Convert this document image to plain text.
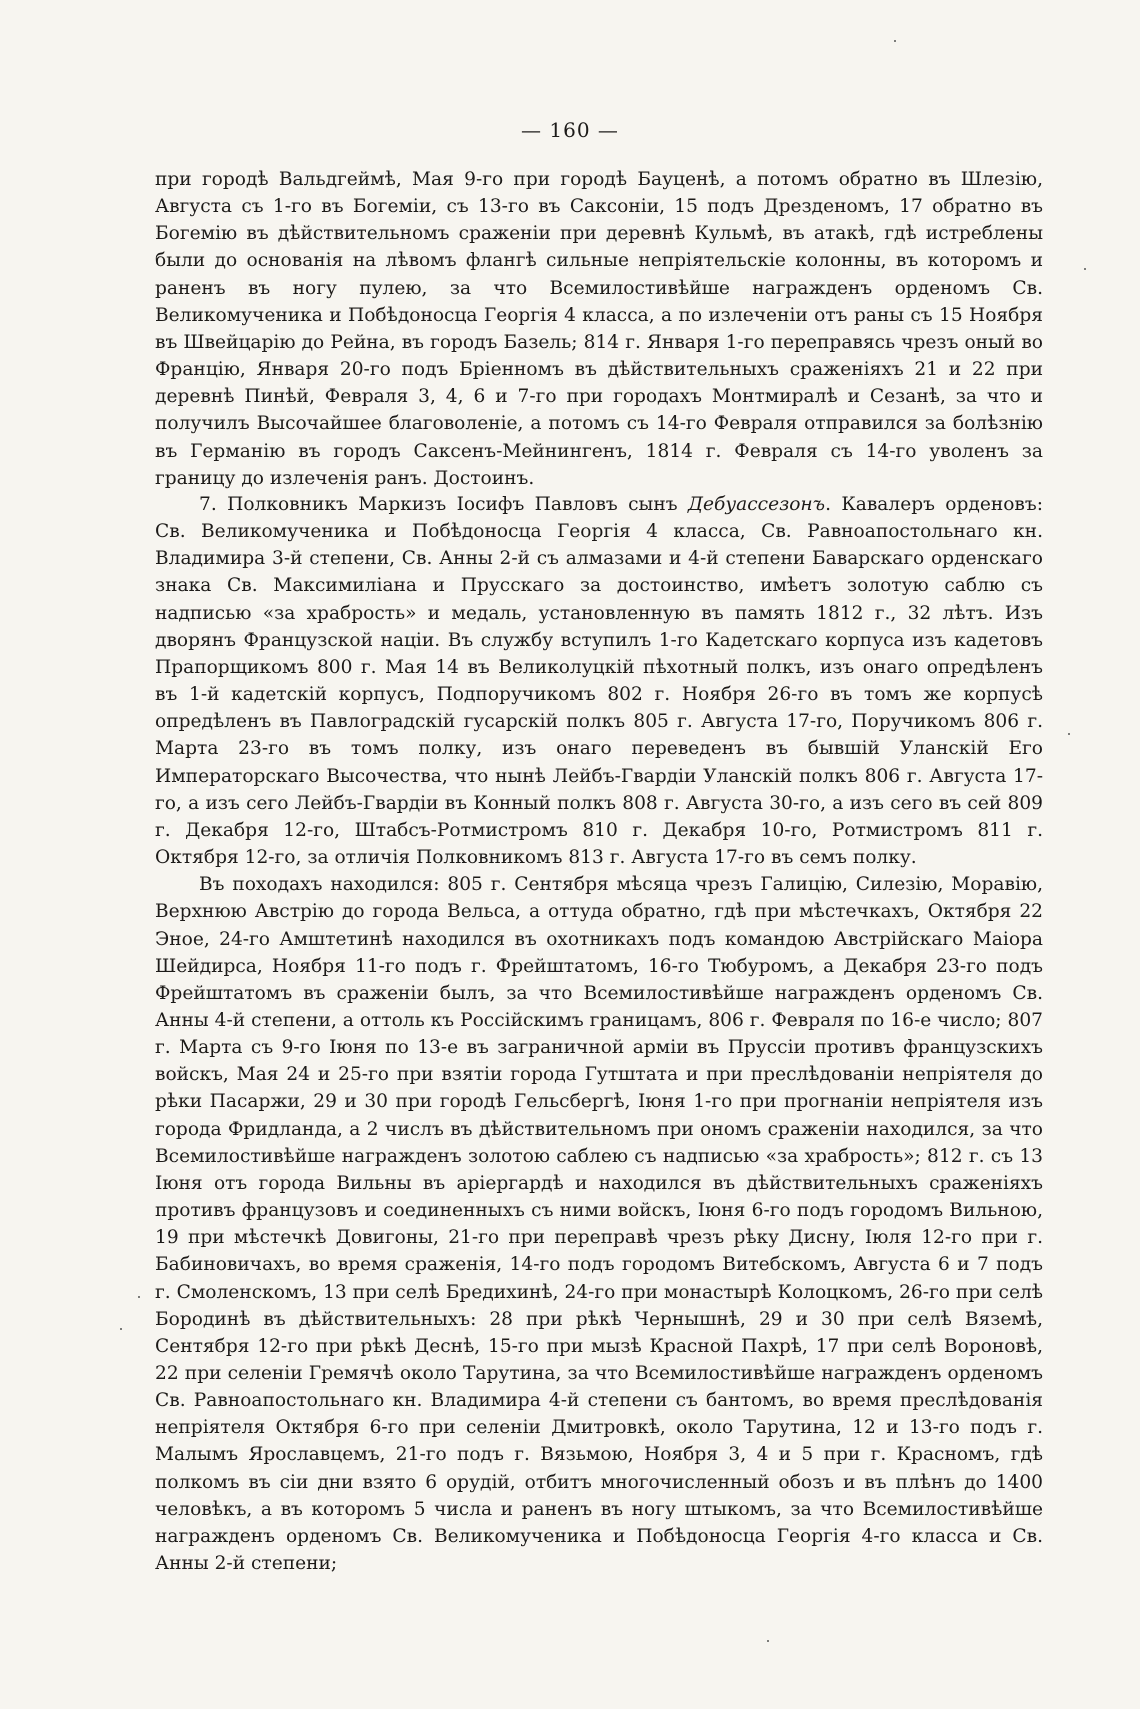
— 160 —

при городѣ Вальдгеймѣ, Мая 9-го при городѣ Бауценѣ, а потомъ обратно въ Шлезію, Августа съ 1-го въ Богеміи, съ 13-го въ Саксоніи, 15 подъ Дрезденомъ, 17 обратно въ Богемію въ дѣйствительномъ сраженіи при деревнѣ Кульмѣ, въ атакѣ, гдѣ истреблены были до основанія на лѣвомъ флангѣ сильные непріятельскіе колонны, въ которомъ и раненъ въ ногу пулею, за что Всемилостивѣйше награжденъ орденомъ Св. Великомученика и Побѣдоносца Георгія 4 класса, а по излеченіи отъ раны съ 15 Ноября въ Швейцарію до Рейна, въ городъ Базель; 814 г. Января 1-го переправясь чрезъ оный во Францію, Января 20-го подъ Бріенномъ въ дѣйствительныхъ сраженіяхъ 21 и 22 при деревнѣ Пинѣй, Февраля 3, 4, 6 и 7-го при городахъ Монтмиралѣ и Сезанѣ, за что и получилъ Высочайшее благоволеніе, а потомъ съ 14-го Февраля отправился за болѣзнію въ Германію въ городъ Саксенъ-Мейнингенъ, 1814 г. Февраля съ 14-го уволенъ за границу до излеченія ранъ. Достоинъ.

7. Полковникъ Маркизъ Іосифъ Павловъ сынъ Дебуассезонъ. Кавалеръ орденовъ: Св. Великомученика и Побѣдоносца Георгія 4 класса, Св. Равноапостольнаго кн. Владимира 3-й степени, Св. Анны 2-й съ алмазами и 4-й степени Баварскаго орденскаго знака Св. Максимиліана и Прусскаго за достоинство, имѣетъ золотую саблю съ надписью «за храбрость» и медаль, установленную въ память 1812 г., 32 лѣтъ. Изъ дворянъ Французской націи. Въ службу вступилъ 1-го Кадетскаго корпуса изъ кадетовъ Прапорщикомъ 800 г. Мая 14 въ Великолуцкій пѣхотный полкъ, изъ онаго опредѣленъ въ 1-й кадетскій корпусъ, Подпоручикомъ 802 г. Ноября 26-го въ томъ же корпусѣ опредѣленъ въ Павлоградскій гусарскій полкъ 805 г. Августа 17-го, Поручикомъ 806 г. Марта 23-го въ томъ полку, изъ онаго переведенъ въ бывшій Уланскій Его Императорскаго Высочества, что нынѣ Лейбъ-Гвардіи Уланскій полкъ 806 г. Августа 17-го, а изъ сего Лейбъ-Гвардіи въ Конный полкъ 808 г. Августа 30-го, а изъ сего въ сей 809 г. Декабря 12-го, Штабсъ-Ротмистромъ 810 г. Декабря 10-го, Ротмистромъ 811 г. Октября 12-го, за отличія Полковникомъ 813 г. Августа 17-го въ семъ полку.

Въ походахъ находился: 805 г. Сентября мѣсяца чрезъ Галицію, Силезію, Моравію, Верхнюю Австрію до города Вельса, а оттуда обратно, гдѣ при мѣстечкахъ, Октября 22 Эное, 24-го Амштетинѣ находился въ охотникахъ подъ командою Австрійскаго Маіора Шейдирса, Ноября 11-го подъ г. Фрейштатомъ, 16-го Тюбуромъ, а Декабря 23-го подъ Фрейштатомъ въ сраженіи былъ, за что Всемилостивѣйше награжденъ орденомъ Св. Анны 4-й степени, а оттоль къ Россійскимъ границамъ, 806 г. Февраля по 16-е число; 807 г. Марта съ 9-го Іюня по 13-е въ заграничной арміи въ Пруссіи противъ французскихъ войскъ, Мая 24 и 25-го при взятіи города Гутштата и при преслѣдованіи непріятеля до рѣки Пасаржи, 29 и 30 при городѣ Гельсбергѣ, Іюня 1-го при прогнаніи непріятеля изъ города Фридланда, а 2 числъ въ дѣйствительномъ при ономъ сраженіи находился, за что Всемилостивѣйше награжденъ золотою саблею съ надписью «за храбрость»; 812 г. съ 13 Іюня отъ города Вильны въ аріергардѣ и находился въ дѣйствительныхъ сраженіяхъ противъ французовъ и соединенныхъ съ ними войскъ, Іюня 6-го подъ городомъ Вильною, 19 при мѣстечкѣ Довигоны, 21-го при переправѣ чрезъ рѣку Дисну, Іюля 12-го при г. Бабиновичахъ, во время сраженія, 14-го подъ городомъ Витебскомъ, Августа 6 и 7 подъ г. Смоленскомъ, 13 при селѣ Бредихинѣ, 24-го при монастырѣ Колоцкомъ, 26-го при селѣ Бородинѣ въ дѣйствительныхъ: 28 при рѣкѣ Чернышнѣ, 29 и 30 при селѣ Вяземѣ, Сентября 12-го при рѣкѣ Деснѣ, 15-го при мызѣ Красной Пахрѣ, 17 при селѣ Вороновѣ, 22 при селеніи Гремячѣ около Тарутина, за что Всемилостивѣйше награжденъ орденомъ Св. Равноапостольнаго кн. Владимира 4-й степени съ бантомъ, во время преслѣдованія непріятеля Октября 6-го при селеніи Дмитровкѣ, около Тарутина, 12 и 13-го подъ г. Малымъ Ярославцемъ, 21-го подъ г. Вязьмою, Ноября 3, 4 и 5 при г. Красномъ, гдѣ полкомъ въ сіи дни взято 6 орудій, отбитъ многочисленный обозъ и въ плѣнъ до 1400 человѣкъ, а въ которомъ 5 числа и раненъ въ ногу штыкомъ, за что Всемилостивѣйше награжденъ орденомъ Св. Великомученика и Побѣдоносца Георгія 4-го класса и Св. Анны 2-й степени;
